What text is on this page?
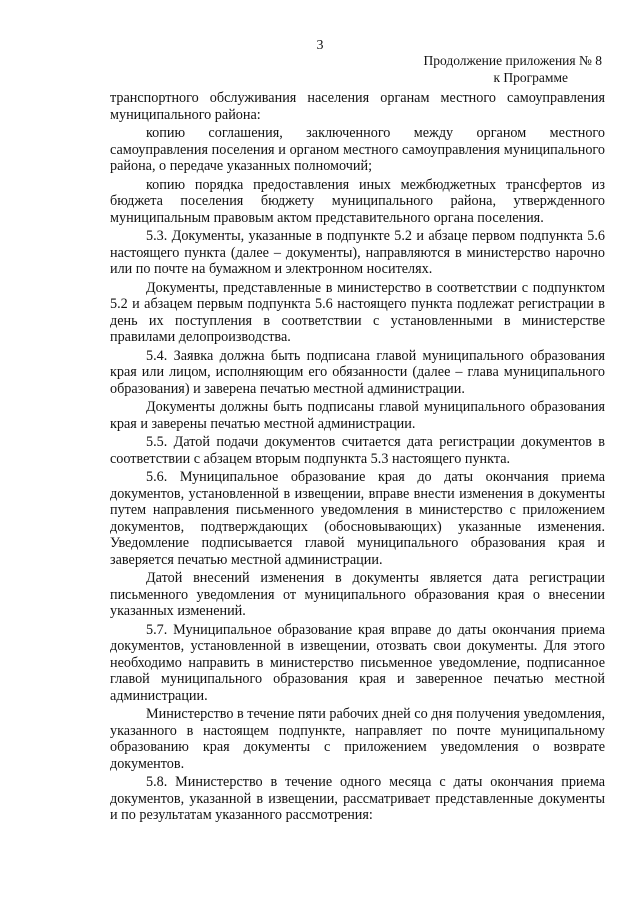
3
Продолжение приложения № 8
к Программе

транспортного обслуживания населения органам местного самоуправления муниципального района:

копию соглашения, заключенного между органом местного самоуправления поселения и органом местного самоуправления муниципального района, о передаче указанных полномочий;

копию порядка предоставления иных межбюджетных трансфертов из бюджета поселения бюджету муниципального района, утвержденного муниципальным правовым актом представительного органа поселения.

5.3. Документы, указанные в подпункте 5.2 и абзаце первом подпункта 5.6 настоящего пункта (далее – документы), направляются в министерство нарочно или по почте на бумажном и электронном носителях.

Документы, представленные в министерство в соответствии с подпунктом 5.2 и абзацем первым подпункта 5.6 настоящего пункта подлежат регистрации в день их поступления в соответствии с установленными в министерстве правилами делопроизводства.

5.4. Заявка должна быть подписана главой муниципального образования края или лицом, исполняющим его обязанности (далее – глава муниципального образования) и заверена печатью местной администрации.

Документы должны быть подписаны главой муниципального образования края и заверены печатью местной администрации.

5.5. Датой подачи документов считается дата регистрации документов в соответствии с абзацем вторым подпункта 5.3 настоящего пункта.

5.6. Муниципальное образование края до даты окончания приема документов, установленной в извещении, вправе внести изменения в документы путем направления письменного уведомления в министерство с приложением документов, подтверждающих (обосновывающих) указанные изменения. Уведомление подписывается главой муниципального образования края и заверяется печатью местной администрации.

Датой внесений изменения в документы является дата регистрации письменного уведомления от муниципального образования края о внесении указанных изменений.

5.7. Муниципальное образование края вправе до даты окончания приема документов, установленной в извещении, отозвать свои документы. Для этого необходимо направить в министерство письменное уведомление, подписанное главой муниципального образования края и заверенное печатью местной администрации.

Министерство в течение пяти рабочих дней со дня получения уведомления, указанного в настоящем подпункте, направляет по почте муниципальному образованию края документы с приложением уведомления о возврате документов.

5.8. Министерство в течение одного месяца с даты окончания приема документов, указанной в извещении, рассматривает представленные документы и по результатам указанного рассмотрения:
